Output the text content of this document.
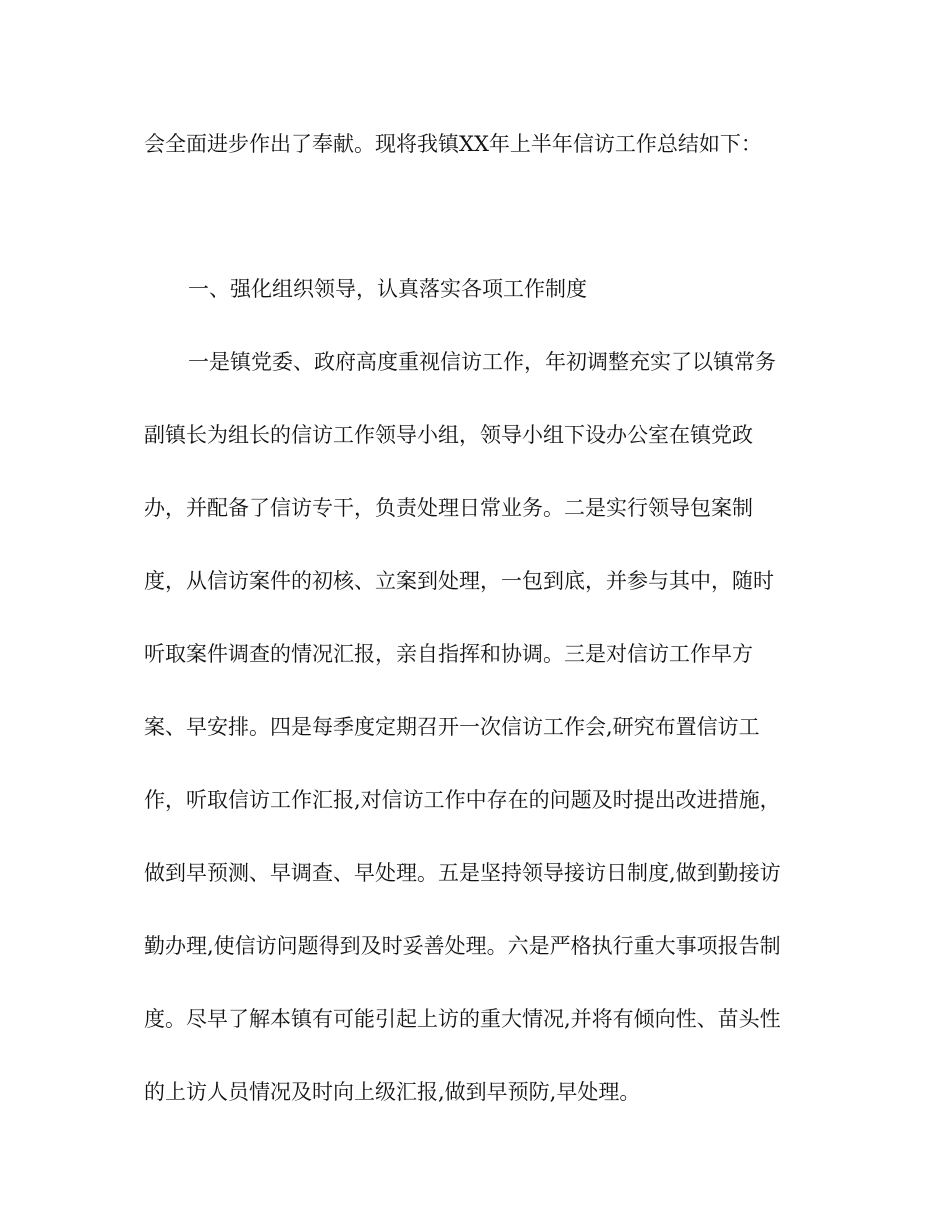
会全面进步作出了奉献。现将我镇XX年上半年信访工作总结如下：
一、强化组织领导，认真落实各项工作制度
一是镇党委、政府高度重视信访工作，年初调整充实了以镇常务
副镇长为组长的信访工作领导小组，领导小组下设办公室在镇党政
办，并配备了信访专干，负责处理日常业务。二是实行领导包案制
度，从信访案件的初核、立案到处理，一包到底，并参与其中，随时
听取案件调查的情况汇报，亲自指挥和协调。三是对信访工作早方
案、早安排。四是每季度定期召开一次信访工作会,研究布置信访工
作，听取信访工作汇报,对信访工作中存在的问题及时提出改进措施，
做到早预测、早调查、早处理。五是坚持领导接访日制度,做到勤接访
勤办理,使信访问题得到及时妥善处理。六是严格执行重大事项报告制
度。尽早了解本镇有可能引起上访的重大情况,并将有倾向性、苗头性
的上访人员情况及时向上级汇报,做到早预防,早处理。
